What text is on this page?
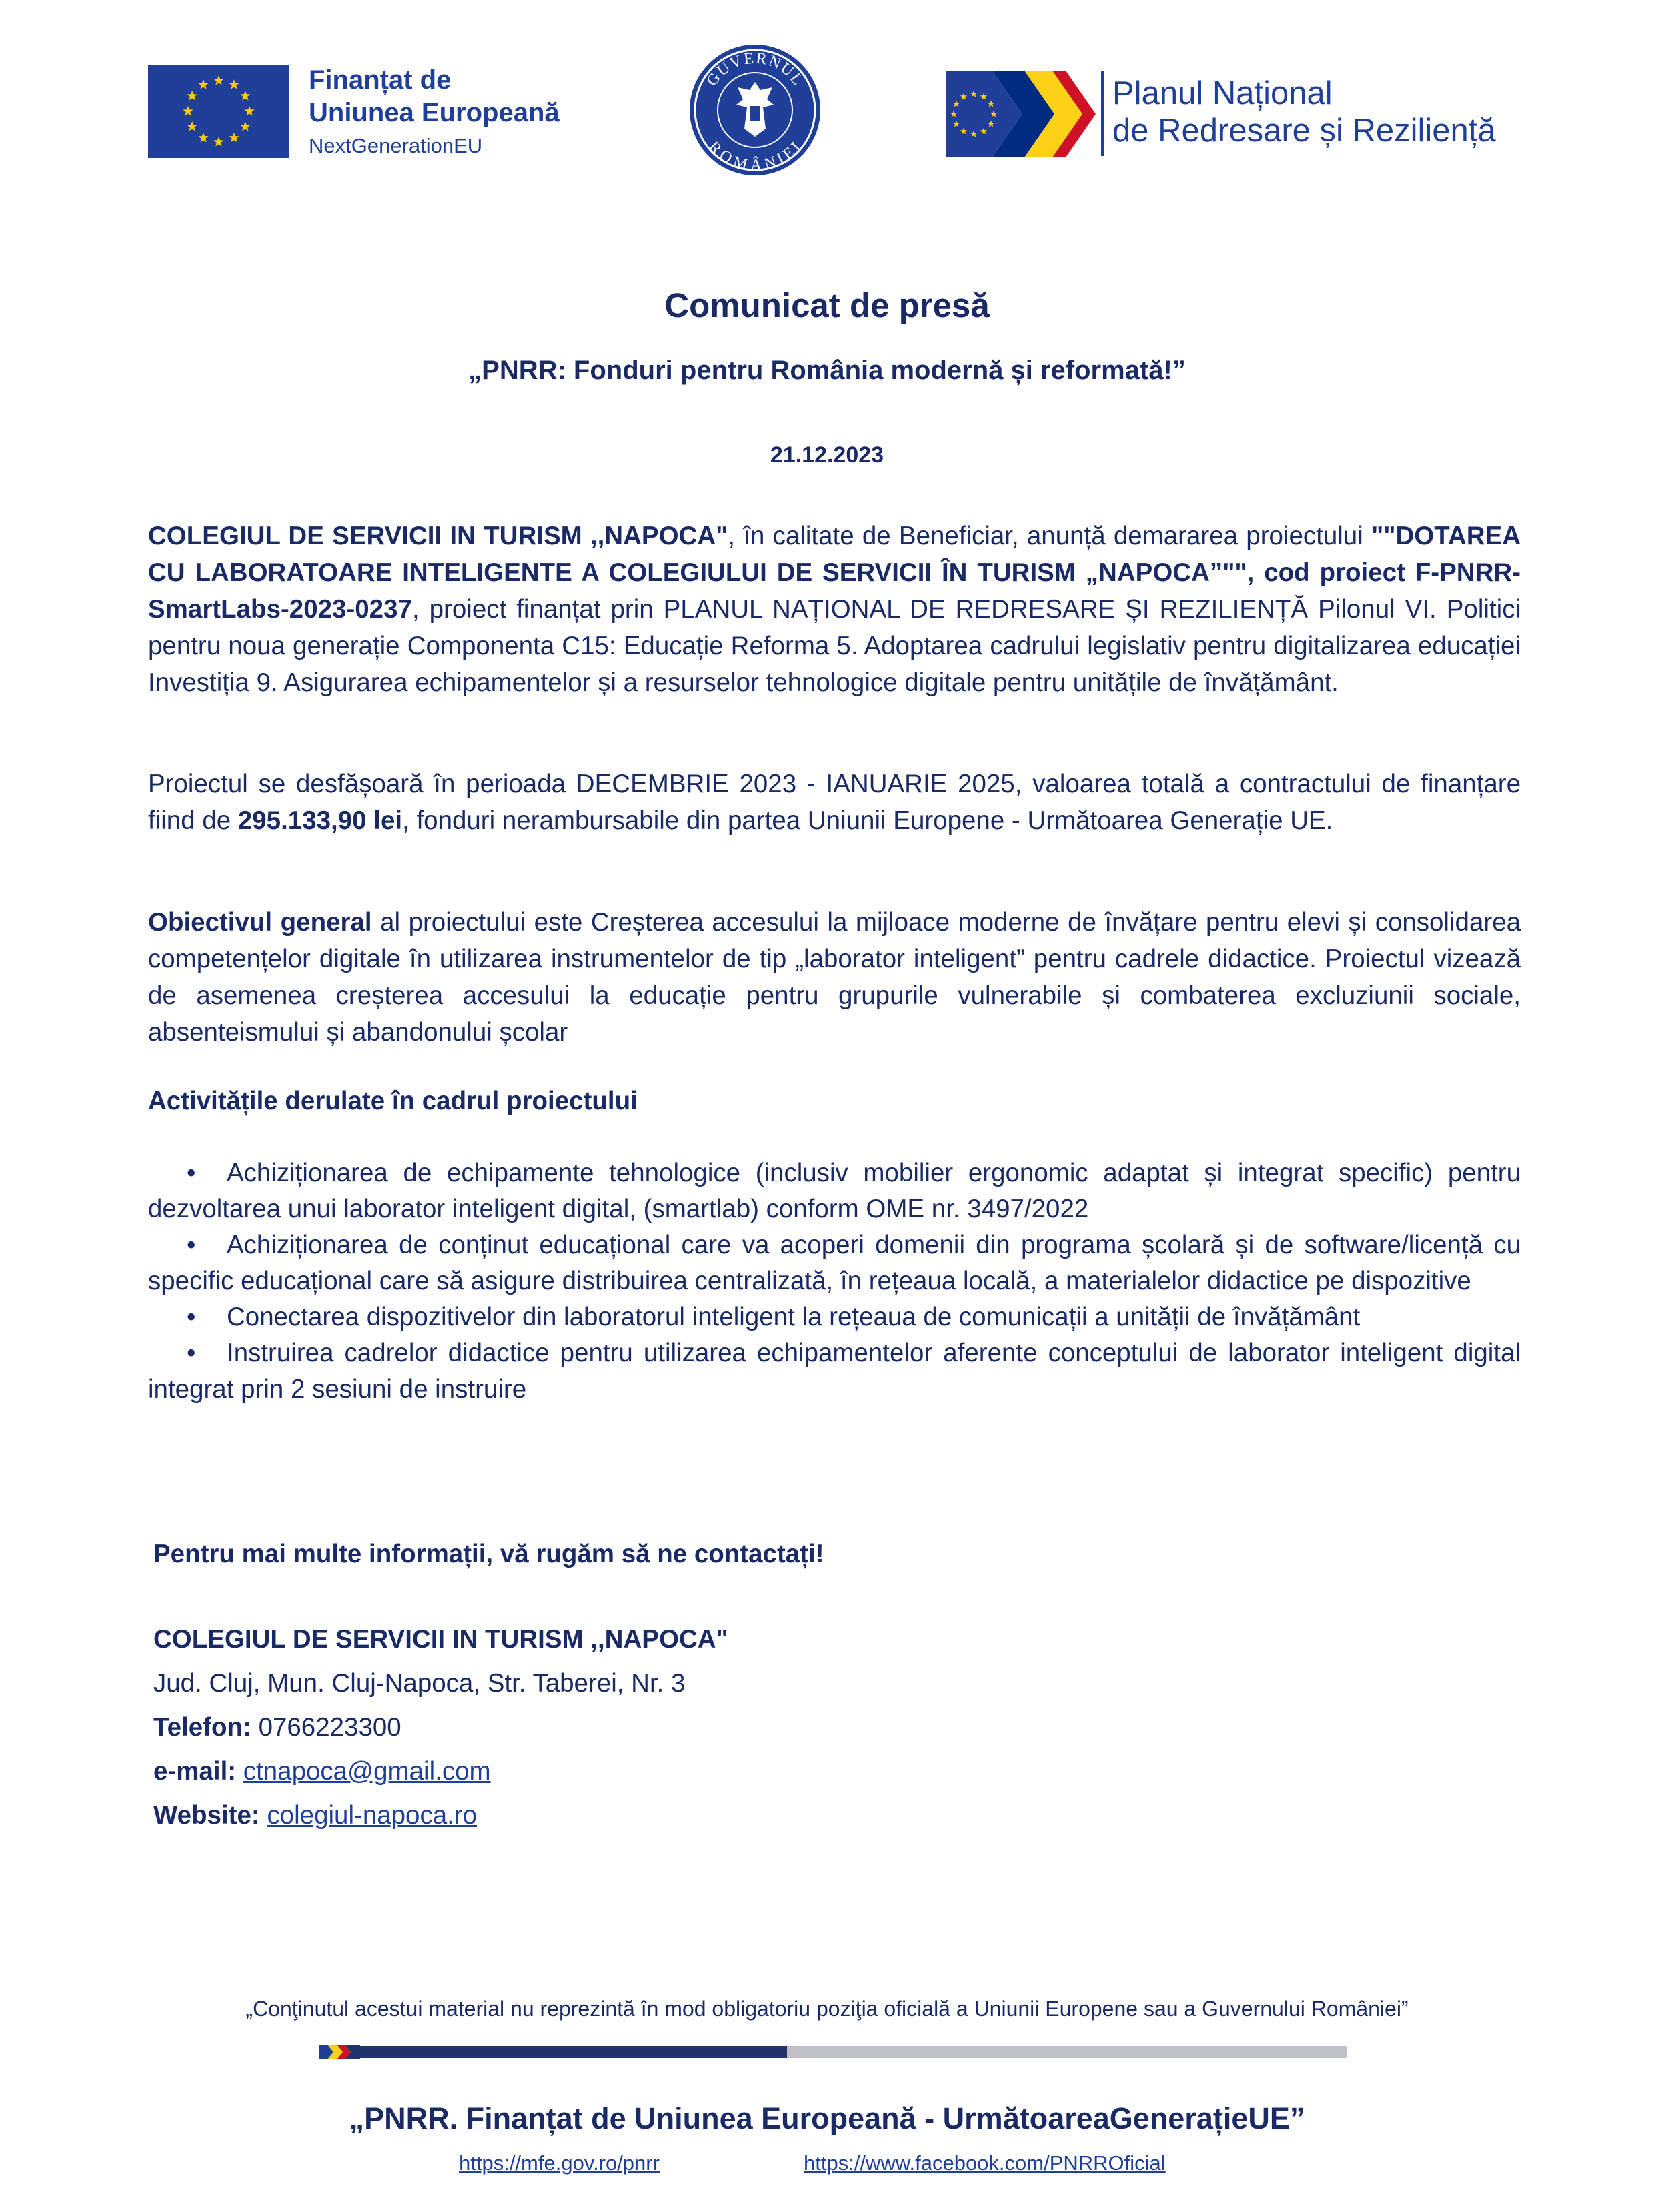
Finanțat de
Uniunea Europeană
NextGenerationEU
GUVERNUL
ROMÂNIEI
Planul Național
de Redresare și Reziliență
Comunicat de presă
„PNRR: Fonduri pentru România modernă și reformată!”
21.12.2023

COLEGIUL DE SERVICII IN TURISM ,,NAPOCA", în calitate de Beneficiar, anunță demararea proiectului ""DOTAREA CU LABORATOARE INTELIGENTE A COLEGIULUI DE SERVICII ÎN TURISM „NAPOCA”"", cod proiect F-PNRR-SmartLabs-2023-0237, proiect finanțat prin PLANUL NAȚIONAL DE REDRESARE ȘI REZILIENȚĂ Pilonul VI. Politici pentru noua generație Componenta C15: Educație Reforma 5. Adoptarea cadrului legislativ pentru digitalizarea educației Investiția 9. Asigurarea echipamentelor și a resurselor tehnologice digitale pentru unitățile de învățământ.

Proiectul se desfășoară în perioada DECEMBRIE 2023 - IANUARIE 2025, valoarea totală a contractului de finanțare fiind de 295.133,90 lei, fonduri nerambursabile din partea Uniunii Europene - Următoarea Generație UE.

Obiectivul general al proiectului este Creșterea accesului la mijloace moderne de învățare pentru elevi și consolidarea competențelor digitale în utilizarea instrumentelor de tip „laborator inteligent” pentru cadrele didactice. Proiectul vizează de asemenea creșterea accesului la educație pentru grupurile vulnerabile și combaterea excluziunii sociale, absenteismului și abandonului școlar

Activitățile derulate în cadrul proiectului

• Achiziționarea de echipamente tehnologice (inclusiv mobilier ergonomic adaptat și integrat specific) pentru dezvoltarea unui laborator inteligent digital, (smartlab) conform OME nr. 3497/2022
• Achiziționarea de conținut educațional care va acoperi domenii din programa școlară și de software/licență cu specific educațional care să asigure distribuirea centralizată, în rețeaua locală, a materialelor didactice pe dispozitive
• Conectarea dispozitivelor din laboratorul inteligent la rețeaua de comunicații a unității de învățământ
• Instruirea cadrelor didactice pentru utilizarea echipamentelor aferente conceptului de laborator inteligent digital integrat prin 2 sesiuni de instruire
Pentru mai multe informații, vă rugăm să ne contactați!
COLEGIUL DE SERVICII IN TURISM ,,NAPOCA"
Jud. Cluj, Mun. Cluj-Napoca, Str. Taberei, Nr. 3
Telefon: 0766223300
e-mail: ctnapoca@gmail.com
Website: colegiul-napoca.ro
„Conţinutul acestui material nu reprezintă în mod obligatoriu poziţia oficială a Uniunii Europene sau a Guvernului României”
„PNRR. Finanțat de Uniunea Europeană - UrmătoareaGenerațieUE”
https://mfe.gov.ro/pnrr	https://www.facebook.com/PNRROficial
